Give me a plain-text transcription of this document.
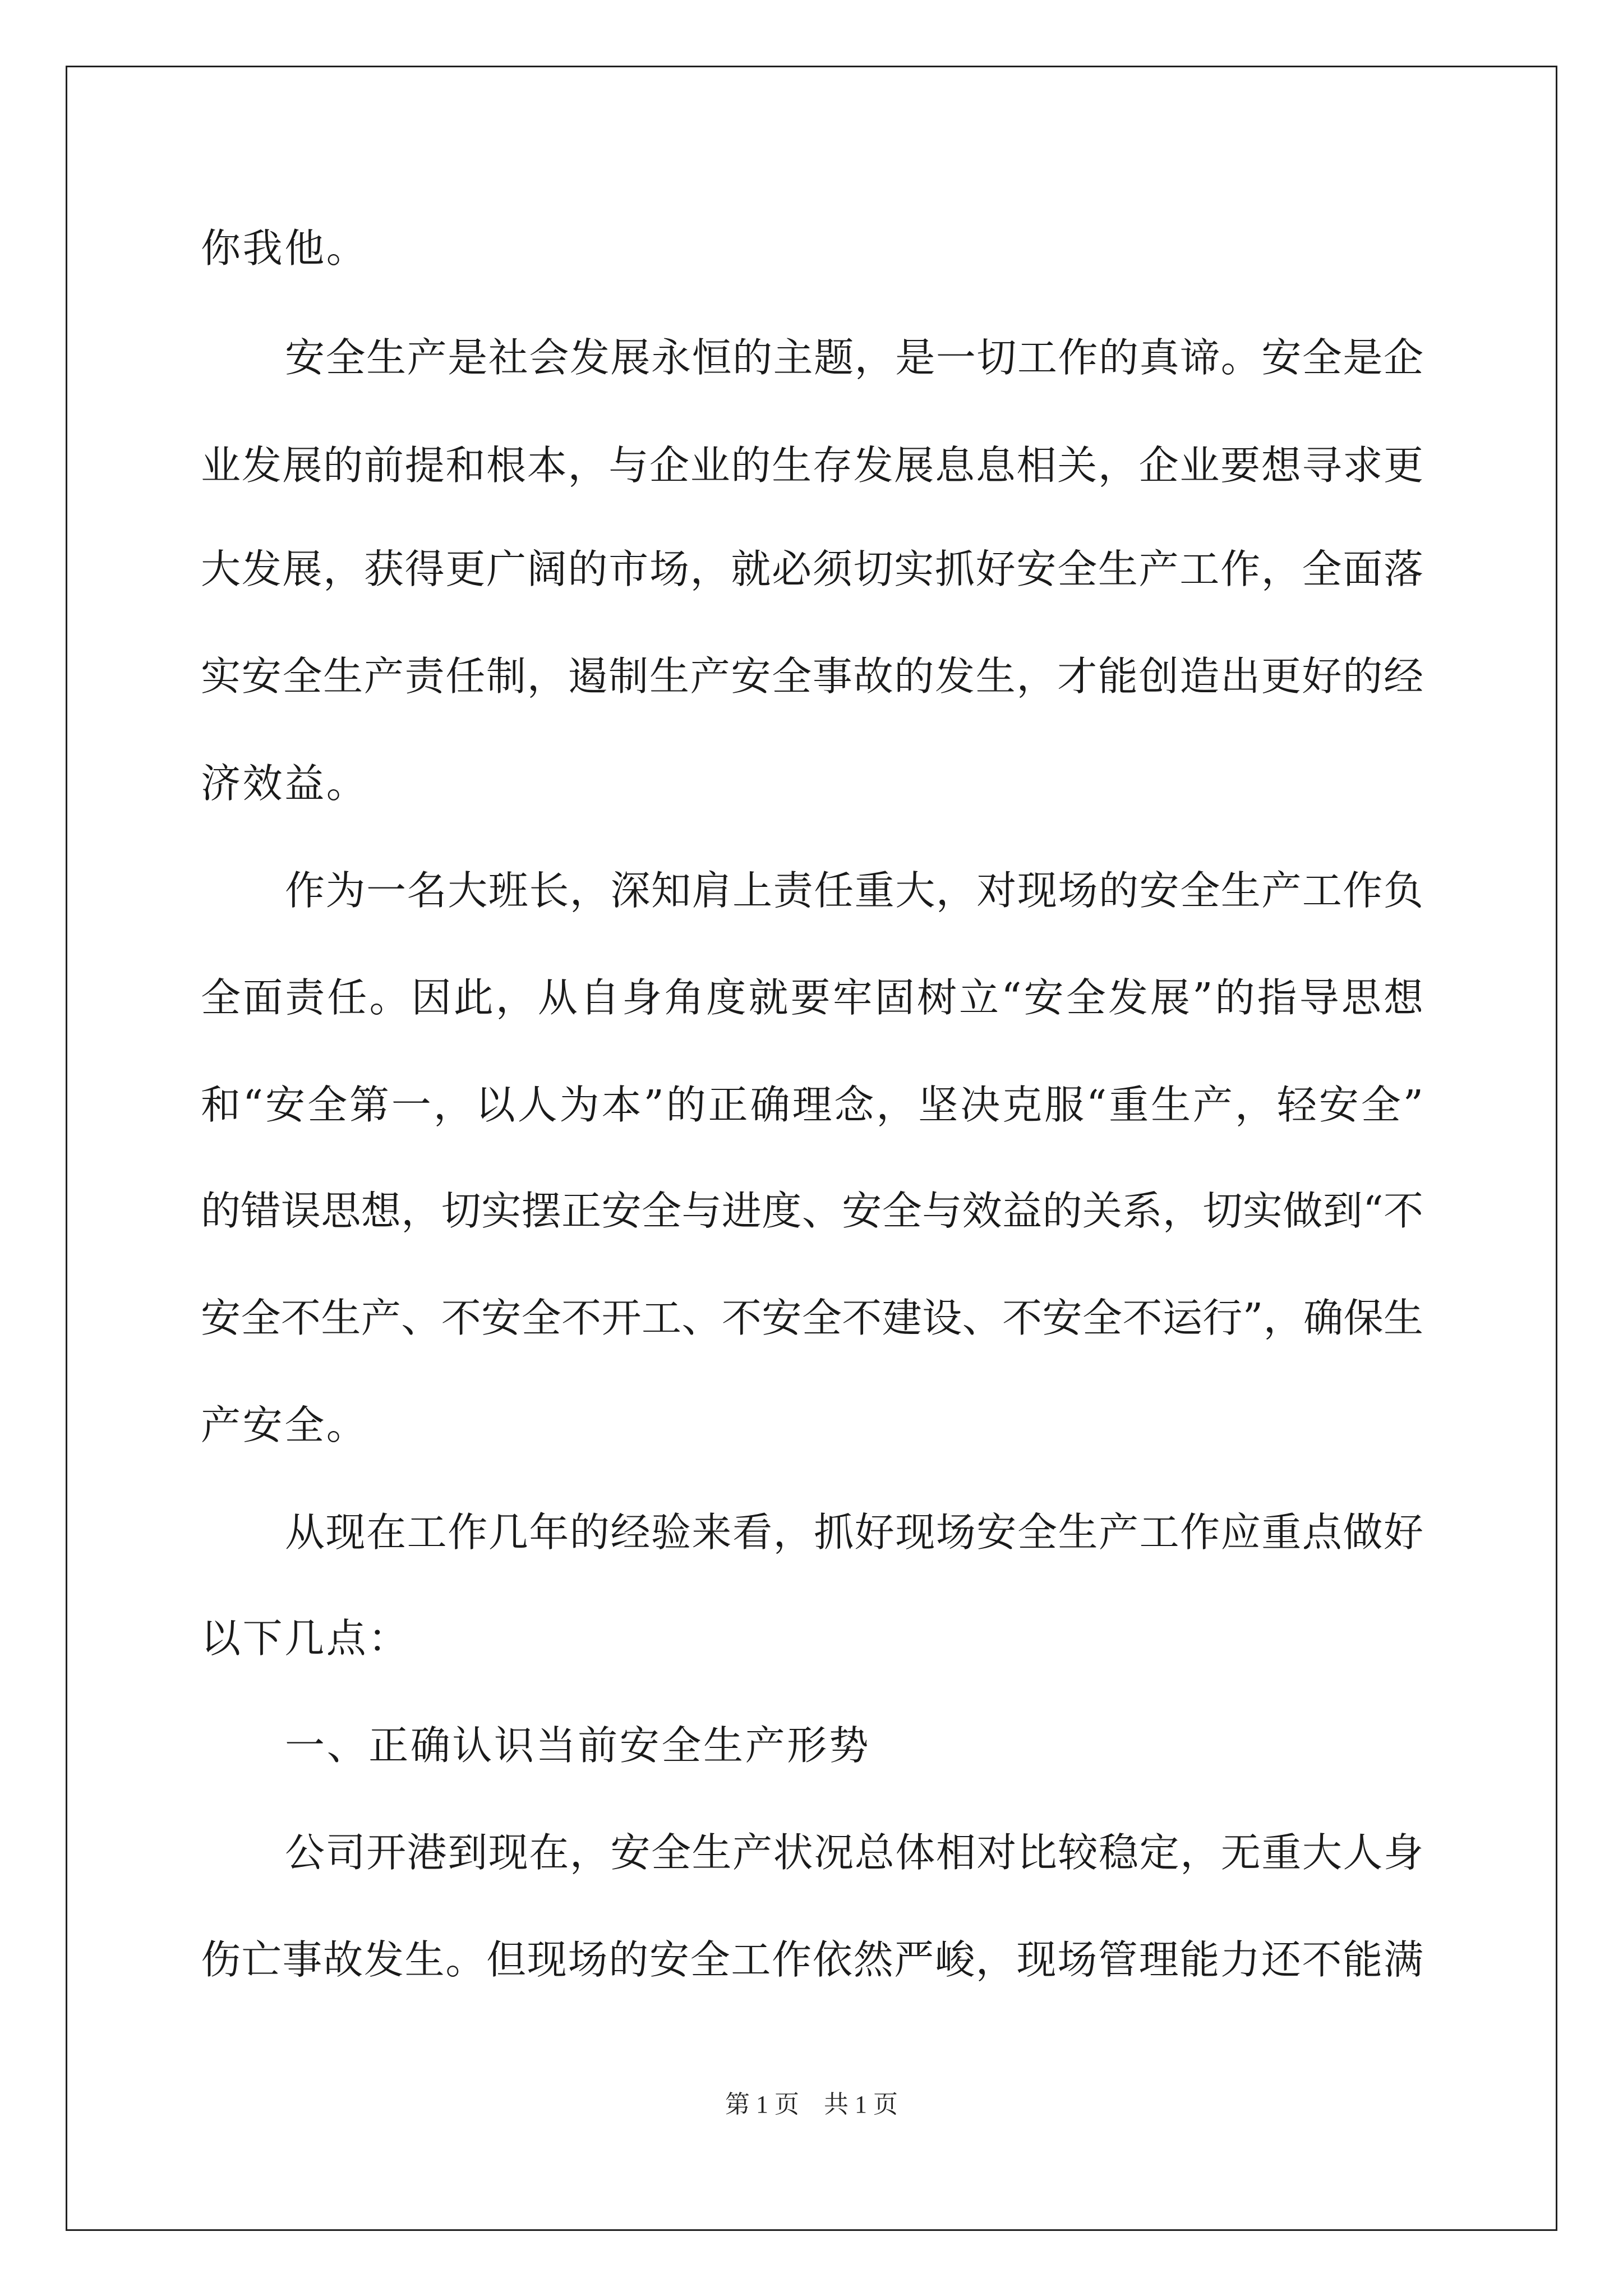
你我他。
安全生产是社会发展永恒的主题，是一切工作的真谛。安全是企
业发展的前提和根本，与企业的生存发展息息相关，企业要想寻求更
大发展，获得更广阔的市场，就必须切实抓好安全生产工作，全面落
实安全生产责任制，遏制生产安全事故的发生，才能创造出更好的经
济效益。
作为一名大班长，深知肩上责任重大，对现场的安全生产工作负
全面责任。因此，从自身角度就要牢固树立“安全发展”的指导思想
和“安全第一，以人为本”的正确理念，坚决克服“重生产，轻安全”
的错误思想，切实摆正安全与进度、安全与效益的关系，切实做到“不
安全不生产、不安全不开工、不安全不建设、不安全不运行”，确保生
产安全。
从现在工作几年的经验来看，抓好现场安全生产工作应重点做好
以下几点：
一、正确认识当前安全生产形势
公司开港到现在，安全生产状况总体相对比较稳定，无重大人身
伤亡事故发生。但现场的安全工作依然严峻，现场管理能力还不能满
第 1 页　共 1 页
